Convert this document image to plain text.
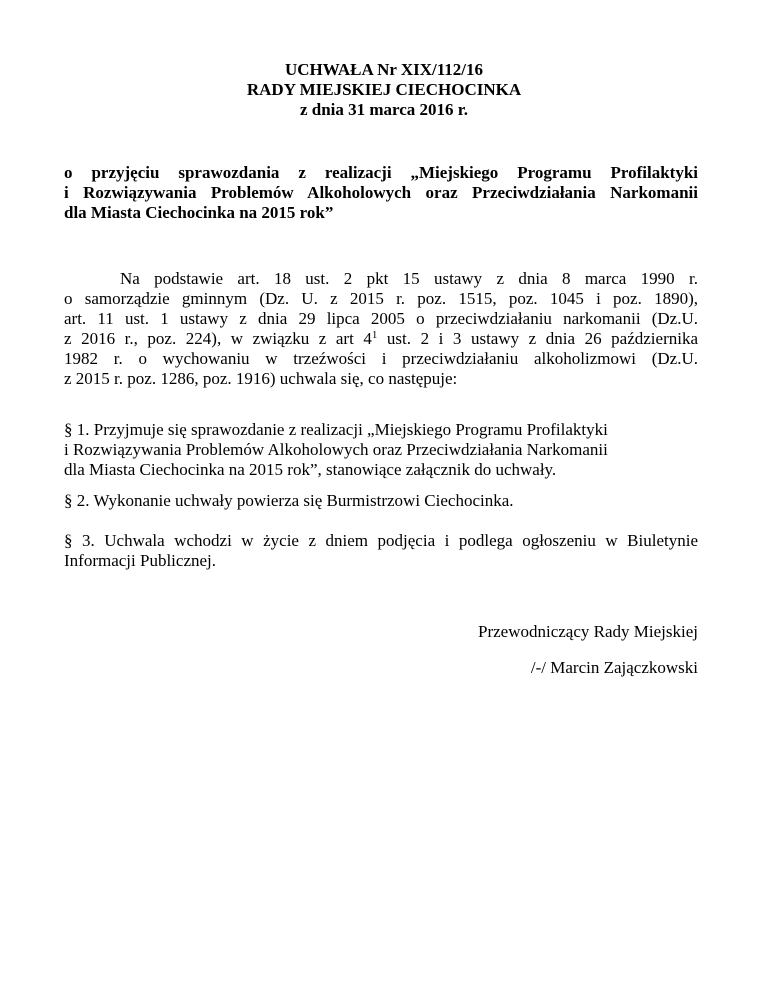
UCHWAŁA Nr XIX/112/16
RADY MIEJSKIEJ CIECHOCINKA
z dnia 31 marca 2016 r.
o przyjęciu sprawozdania z realizacji „Miejskiego Programu Profilaktyki
i Rozwiązywania Problemów Alkoholowych oraz Przeciwdziałania Narkomanii
dla Miasta Ciechocinka na 2015 rok”
Na podstawie art. 18 ust. 2 pkt 15 ustawy z dnia 8 marca 1990 r.
o samorządzie gminnym (Dz. U. z 2015 r. poz. 1515, poz. 1045 i poz. 1890),
art. 11 ust. 1 ustawy z dnia 29 lipca 2005 o przeciwdziałaniu narkomanii (Dz.U.
z 2016 r., poz. 224), w związku z art $4^1$ ust. 2 i 3 ustawy z dnia 26 października
1982 r. o wychowaniu w trzeźwości i przeciwdziałaniu alkoholizmowi (Dz.U.
z 2015 r. poz. 1286, poz. 1916) uchwala się, co następuje:
§ 1. Przyjmuje się sprawozdanie z realizacji „Miejskiego Programu Profilaktyki
i Rozwiązywania Problemów Alkoholowych oraz Przeciwdziałania Narkomanii
dla Miasta Ciechocinka na 2015 rok”, stanowiące załącznik do uchwały.
§ 2. Wykonanie uchwały powierza się Burmistrzowi Ciechocinka.
§ 3. Uchwala wchodzi w życie z dniem podjęcia i podlega ogłoszeniu w Biuletynie
Informacji Publicznej.
Przewodniczący Rady Miejskiej
/-/ Marcin Zajączkowski
